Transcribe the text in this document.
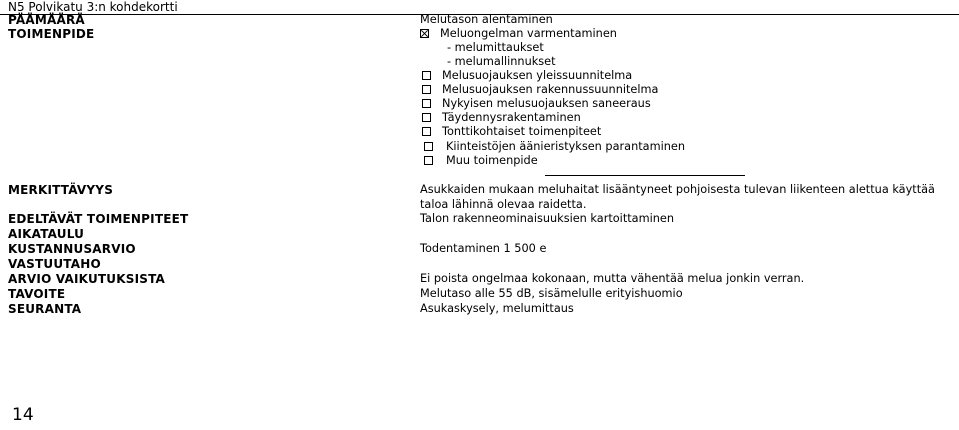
N5 Polvikatu 3:n kohdekortti
PÄÄMÄÄRÄ
TOIMENPIDE
MERKITTÄVYYS
EDELTÄVÄT TOIMENPITEET
AIKATAULU
KUSTANNUSARVIO
VASTUUTAHO
ARVIO VAIKUTUKSISTA
TAVOITE
SEURANTA
Melutason alentaminen
Meluongelman varmentaminen
- melumittaukset
- melumallinnukset
Melusuojauksen yleissuunnitelma
Melusuojauksen rakennussuunnitelma
Nykyisen melusuojauksen saneeraus
Täydennysrakentaminen
Tonttikohtaiset toimenpiteet
Kiinteistöjen äänieristyksen parantaminen
Muu toimenpide
Asukkaiden mukaan meluhaitat lisääntyneet pohjoisesta tulevan liikenteen alettua käyttää
taloa lähinnä olevaa raidetta.
Talon rakenneominaisuuksien kartoittaminen
Todentaminen 1 500 e
Ei poista ongelmaa kokonaan, mutta vähentää melua jonkin verran.
Melutaso alle 55 dB, sisämelulle erityishuomio
Asukaskysely, melumittaus
14
